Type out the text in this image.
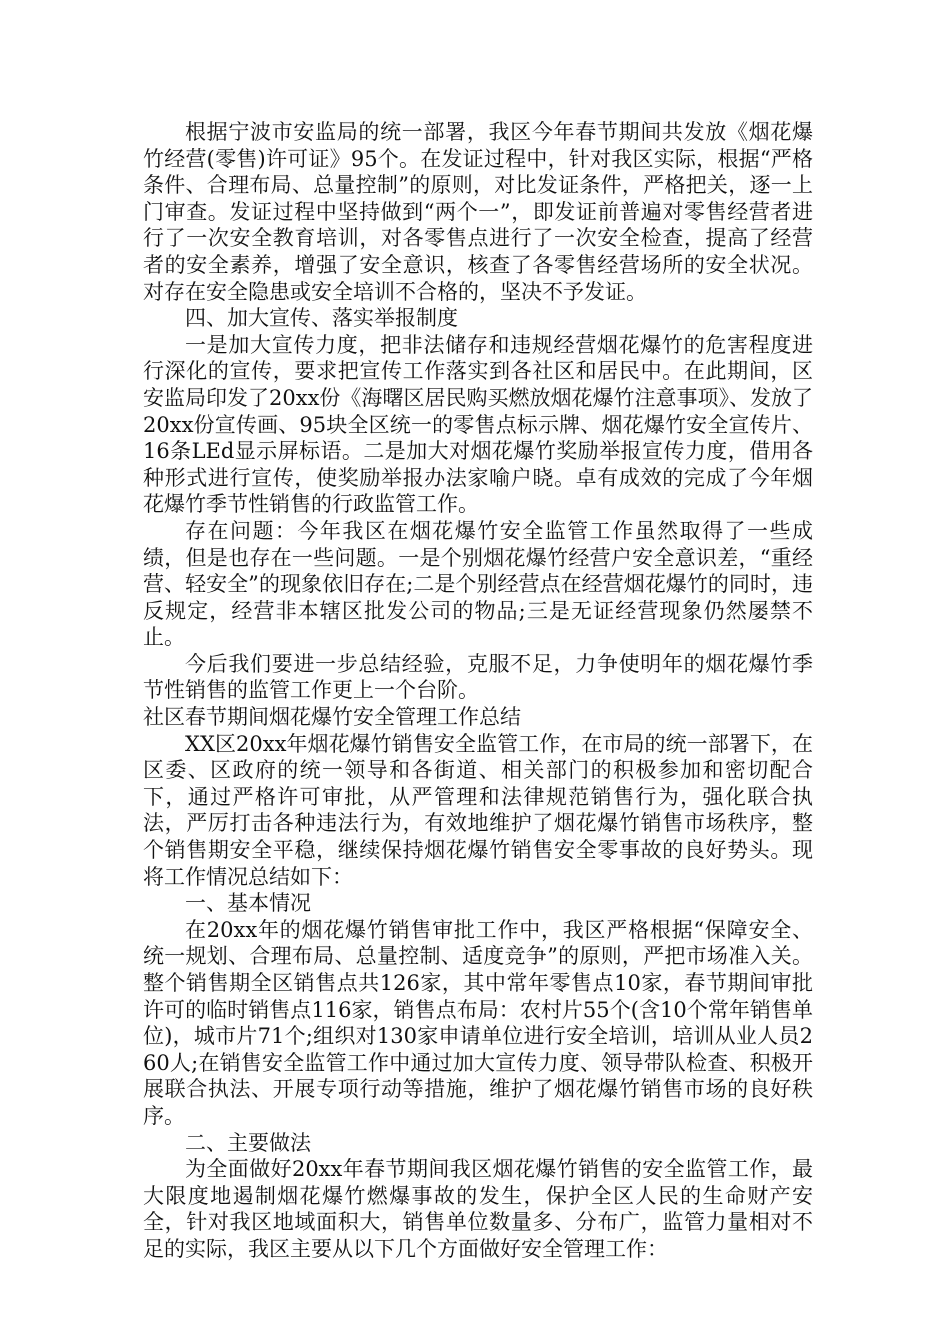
根据宁波市安监局的统一部署，我区今年春节期间共发放《烟花爆竹经营(零售)许可证》95个。在发证过程中，针对我区实际，根据“严格条件、合理布局、总量控制”的原则，对比发证条件，严格把关，逐一上门审查。发证过程中坚持做到“两个一”，即发证前普遍对零售经营者进行了一次安全教育培训，对各零售点进行了一次安全检查，提高了经营者的安全素养，增强了安全意识，核查了各零售经营场所的安全状况。对存在安全隐患或安全培训不合格的，坚决不予发证。

四、加大宣传、落实举报制度

一是加大宣传力度，把非法储存和违规经营烟花爆竹的危害程度进行深化的宣传，要求把宣传工作落实到各社区和居民中。在此期间，区安监局印发了20xx份《海曙区居民购买燃放烟花爆竹注意事项》、发放了20xx份宣传画、95块全区统一的零售点标示牌、烟花爆竹安全宣传片、16条LEd显示屏标语。二是加大对烟花爆竹奖励举报宣传力度，借用各种形式进行宣传，使奖励举报办法家喻户晓。卓有成效的完成了今年烟花爆竹季节性销售的行政监管工作。

存在问题：今年我区在烟花爆竹安全监管工作虽然取得了一些成绩，但是也存在一些问题。一是个别烟花爆竹经营户安全意识差，“重经营、轻安全”的现象依旧存在;二是个别经营点在经营烟花爆竹的同时，违反规定，经营非本辖区批发公司的物品;三是无证经营现象仍然屡禁不止。

今后我们要进一步总结经验，克服不足，力争使明年的烟花爆竹季节性销售的监管工作更上一个台阶。

社区春节期间烟花爆竹安全管理工作总结

XX区20xx年烟花爆竹销售安全监管工作，在市局的统一部署下，在区委、区政府的统一领导和各街道、相关部门的积极参加和密切配合下，通过严格许可审批，从严管理和法律规范销售行为，强化联合执法，严厉打击各种违法行为，有效地维护了烟花爆竹销售市场秩序，整个销售期安全平稳，继续保持烟花爆竹销售安全零事故的良好势头。现将工作情况总结如下：

一、基本情况

在20xx年的烟花爆竹销售审批工作中，我区严格根据“保障安全、统一规划、合理布局、总量控制、适度竞争”的原则，严把市场准入关。整个销售期全区销售点共126家，其中常年零售点10家，春节期间审批许可的临时销售点116家，销售点布局：农村片55个(含10个常年销售单位)，城市片71个;组织对130家申请单位进行安全培训，培训从业人员260人;在销售安全监管工作中通过加大宣传力度、领导带队检查、积极开展联合执法、开展专项行动等措施，维护了烟花爆竹销售市场的良好秩序。

二、主要做法

为全面做好20xx年春节期间我区烟花爆竹销售的安全监管工作，最大限度地遏制烟花爆竹燃爆事故的发生，保护全区人民的生命财产安全，针对我区地域面积大，销售单位数量多、分布广，监管力量相对不足的实际，我区主要从以下几个方面做好安全管理工作：
